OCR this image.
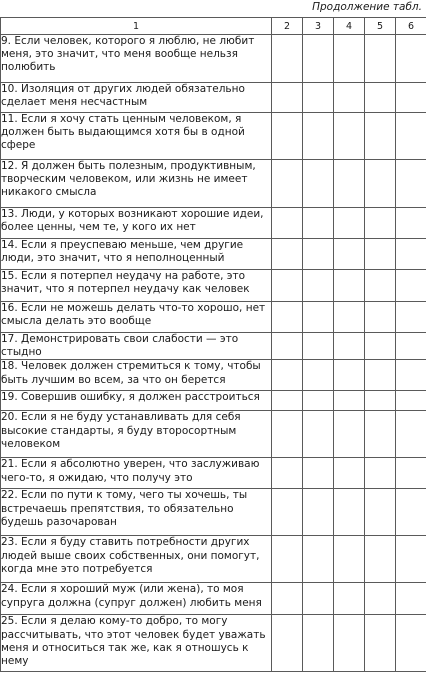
Продолжение табл.
1	2	3	4	5	6
9. Если человек, которого я люблю, не любит меня, это значит, что меня вообще нельзя полюбить					
10. Изоляция от других людей обязательно сделает меня несчастным					
11. Если я хочу стать ценным человеком, я должен быть выдающимся хотя бы в одной сфере					
12. Я должен быть полезным, продуктивным, творческим человеком, или жизнь не имеет никакого смысла					
13. Люди, у которых возникают хорошие идеи, более ценны, чем те, у кого их нет					
14. Если я преуспеваю меньше, чем другие люди, это значит, что я неполноценный					
15. Если я потерпел неудачу на работе, это значит, что я потерпел неудачу как человек					
16. Если не можешь делать что-то хорошо, нет смысла делать это вообще					
17. Демонстрировать свои слабости — это стыдно					
18. Человек должен стремиться к тому, чтобы быть лучшим во всем, за что он берется					
19. Совершив ошибку, я должен расстроиться					
20. Если я не буду устанавливать для себя высокие стандарты, я буду второсортным человеком					
21. Если я абсолютно уверен, что заслуживаю чего-то, я ожидаю, что получу это					
22. Если по пути к тому, чего ты хочешь, ты встречаешь препятствия, то обязательно будешь разочарован					
23. Если я буду ставить потребности других людей выше своих собственных, они помогут, когда мне это потребуется					
24. Если я хороший муж (или жена), то моя супруга должна (супруг должен) любить меня					
25. Если я делаю кому-то добро, то могу рассчитывать, что этот человек будет уважать меня и относиться так же, как я отношусь к нему					
